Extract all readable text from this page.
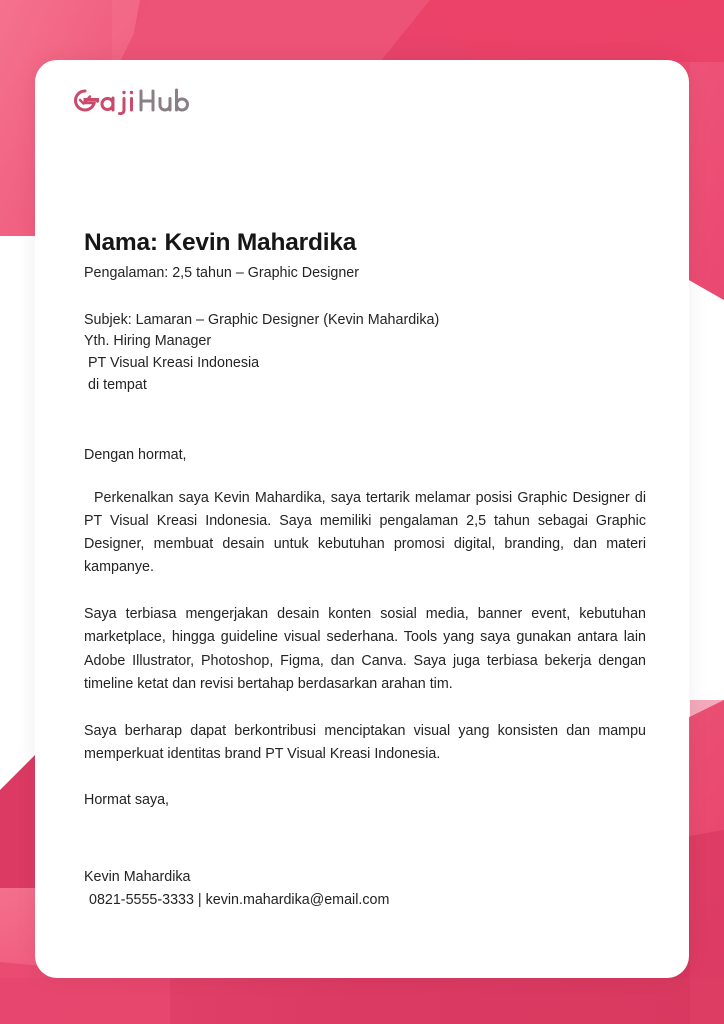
Nama: Kevin Mahardika
Pengalaman: 2,5 tahun – Graphic Designer
Subjek: Lamaran – Graphic Designer (Kevin Mahardika)
Yth. Hiring Manager
PT Visual Kreasi Indonesia
di tempat
Dengan hormat,

Perkenalkan saya Kevin Mahardika, saya tertarik melamar posisi Graphic Designer di PT Visual Kreasi Indonesia. Saya memiliki pengalaman 2,5 tahun sebagai Graphic Designer, membuat desain untuk kebutuhan promosi digital, branding, dan materi kampanye.

Saya terbiasa mengerjakan desain konten sosial media, banner event, kebutuhan marketplace, hingga guideline visual sederhana. Tools yang saya gunakan antara lain Adobe Illustrator, Photoshop, Figma, dan Canva. Saya juga terbiasa bekerja dengan timeline ketat dan revisi bertahap berdasarkan arahan tim.

Saya berharap dapat berkontribusi menciptakan visual yang konsisten dan mampu memperkuat identitas brand PT Visual Kreasi Indonesia.

Hormat saya,
Kevin Mahardika
0821-5555-3333 | kevin.mahardika@email.com
